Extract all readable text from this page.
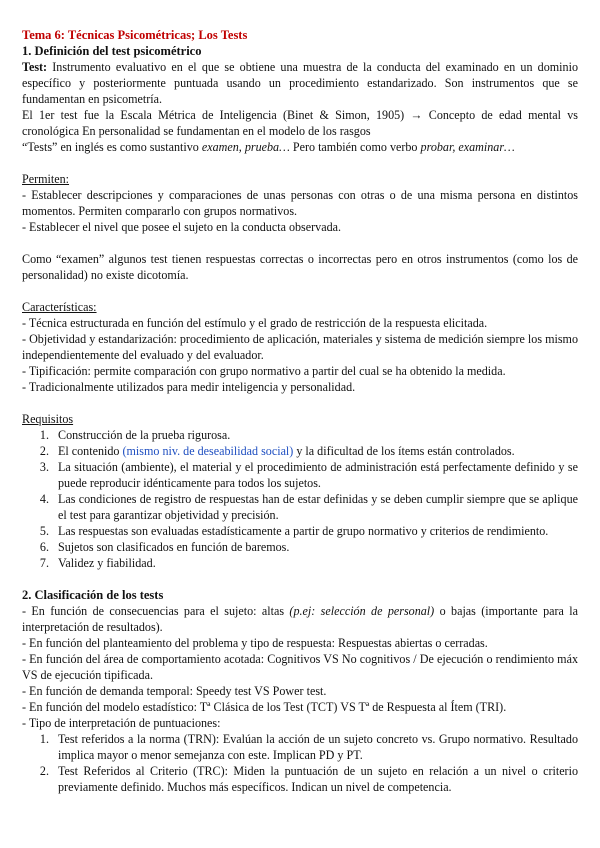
Tema 6: Técnicas Psicométricas; Los Tests
1. Definición del test psicométrico

Test: Instrumento evaluativo en el que se obtiene una muestra de la conducta del examinado en un dominio específico y posteriormente puntuada usando un procedimiento estandarizado. Son instrumentos que se fundamentan en psicometría.

El 1er test fue la Escala Métrica de Inteligencia (Binet & Simon, 1905) → Concepto de edad mental vs cronológica En personalidad se fundamentan en el modelo de los rasgos

“Tests” en inglés es como sustantivo examen, prueba… Pero también como verbo probar, examinar…

Permiten:

- Establecer descripciones y comparaciones de unas personas con otras o de una misma persona en distintos momentos. Permiten compararlo con grupos normativos.

- Establecer el nivel que posee el sujeto en la conducta observada.

Como “examen” algunos test tienen respuestas correctas o incorrectas pero en otros instrumentos (como los de personalidad) no existe dicotomía.

Características:

- Técnica estructurada en función del estímulo y el grado de restricción de la respuesta elicitada.

- Objetividad y estandarización: procedimiento de aplicación, materiales y sistema de medición siempre los mismo independientemente del evaluado y del evaluador.

- Tipificación: permite comparación con grupo normativo a partir del cual se ha obtenido la medida.

- Tradicionalmente utilizados para medir inteligencia y personalidad.

Requisitos
1. Construcción de la prueba rigurosa.
2. El contenido (mismo niv. de deseabilidad social) y la dificultad de los ítems están controlados.
3. La situación (ambiente), el material y el procedimiento de administración está perfectamente definido y se puede reproducir idénticamente para todos los sujetos.
4. Las condiciones de registro de respuestas han de estar definidas y se deben cumplir siempre que se aplique el test para garantizar objetividad y precisión.
5. Las respuestas son evaluadas estadísticamente a partir de grupo normativo y criterios de rendimiento.
6. Sujetos son clasificados en función de baremos.
7. Validez y fiabilidad.
2. Clasificación de los tests

- En función de consecuencias para el sujeto: altas (p.ej: selección de personal) o bajas (importante para la interpretación de resultados).

- En función del planteamiento del problema y tipo de respuesta: Respuestas abiertas o cerradas.

- En función del área de comportamiento acotada: Cognitivos VS No cognitivos / De ejecución o rendimiento máx VS de ejecución tipificada.

- En función de demanda temporal: Speedy test VS Power test.

- En función del modelo estadístico: Tª Clásica de los Test (TCT) VS Tª de Respuesta al Ítem (TRI).

- Tipo de interpretación de puntuaciones:

1. Test referidos a la norma (TRN): Evalúan la acción de un sujeto concreto vs. Grupo normativo. Resultado implica mayor o menor semejanza con este. Implican PD y PT.
2. Test Referidos al Criterio (TRC): Miden la puntuación de un sujeto en relación a un nivel o criterio previamente definido. Muchos más específicos. Indican un nivel de competencia.
